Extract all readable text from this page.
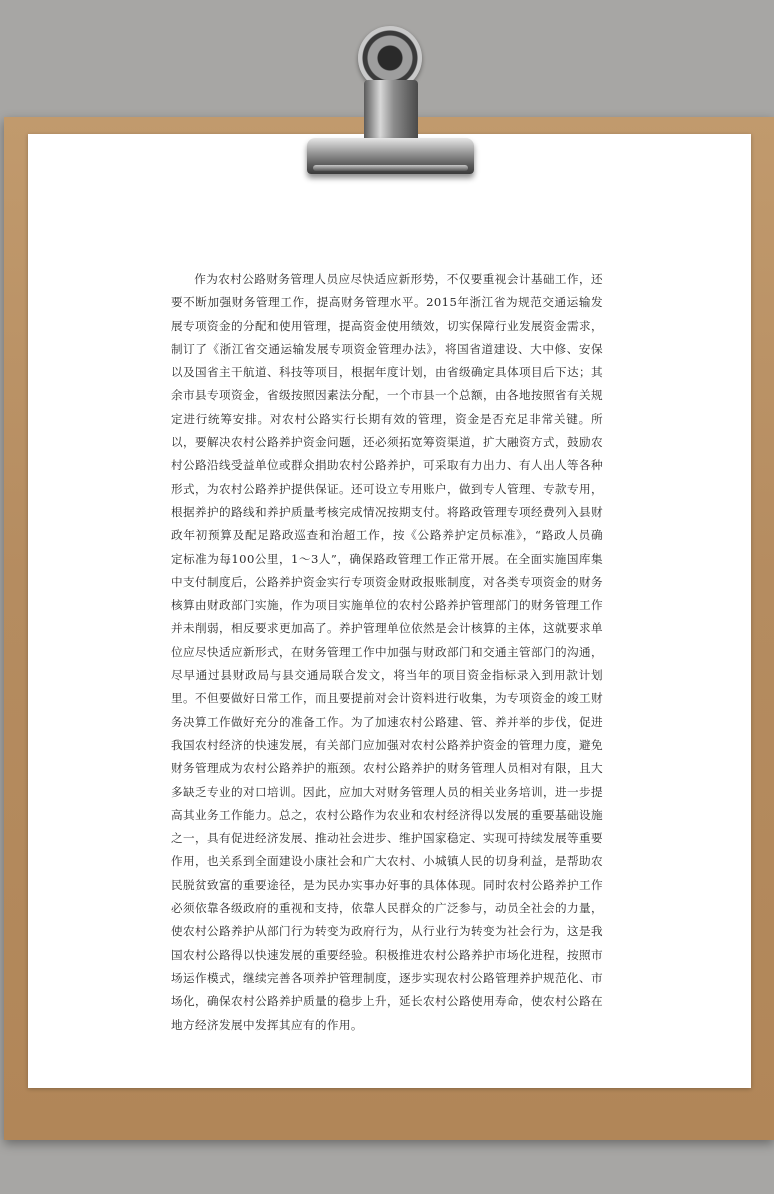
作为农村公路财务管理人员应尽快适应新形势，不仅要重视会计基础工作，还要不断加强财务管理工作，提高财务管理水平。2015年浙江省为规范交通运输发展专项资金的分配和使用管理，提高资金使用绩效，切实保障行业发展资金需求，制订了《浙江省交通运输发展专项资金管理办法》，将国省道建设、大中修、安保以及国省主干航道、科技等项目，根据年度计划，由省级确定具体项目后下达；其余市县专项资金，省级按照因素法分配，一个市县一个总额，由各地按照省有关规定进行统筹安排。对农村公路实行长期有效的管理，资金是否充足非常关键。所以，要解决农村公路养护资金问题，还必须拓宽筹资渠道，扩大融资方式，鼓励农村公路沿线受益单位或群众捐助农村公路养护，可采取有力出力、有人出人等各种形式，为农村公路养护提供保证。还可设立专用账户，做到专人管理、专款专用，根据养护的路线和养护质量考核完成情况按期支付。将路政管理专项经费列入县财政年初预算及配足路政巡查和治超工作，按《公路养护定员标准》，“路政人员确定标准为每100公里，1～3人”，确保路政管理工作正常开展。在全面实施国库集中支付制度后，公路养护资金实行专项资金财政报账制度，对各类专项资金的财务核算由财政部门实施，作为项目实施单位的农村公路养护管理部门的财务管理工作并未削弱，相反要求更加高了。养护管理单位依然是会计核算的主体，这就要求单位应尽快适应新形式，在财务管理工作中加强与财政部门和交通主管部门的沟通，尽早通过县财政局与县交通局联合发文，将当年的项目资金指标录入到用款计划里。不但要做好日常工作，而且要提前对会计资料进行收集，为专项资金的竣工财务决算工作做好充分的准备工作。为了加速农村公路建、管、养并举的步伐，促进我国农村经济的快速发展，有关部门应加强对农村公路养护资金的管理力度，避免财务管理成为农村公路养护的瓶颈。农村公路养护的财务管理人员相对有限，且大多缺乏专业的对口培训。因此，应加大对财务管理人员的相关业务培训，进一步提高其业务工作能力。总之，农村公路作为农业和农村经济得以发展的重要基础设施之一，具有促进经济发展、推动社会进步、维护国家稳定、实现可持续发展等重要作用，也关系到全面建设小康社会和广大农村、小城镇人民的切身利益，是帮助农民脱贫致富的重要途径，是为民办实事办好事的具体体现。同时农村公路养护工作必须依靠各级政府的重视和支持，依靠人民群众的广泛参与，动员全社会的力量，使农村公路养护从部门行为转变为政府行为，从行业行为转变为社会行为，这是我国农村公路得以快速发展的重要经验。积极推进农村公路养护市场化进程，按照市场运作模式，继续完善各项养护管理制度，逐步实现农村公路管理养护规范化、市场化，确保农村公路养护质量的稳步上升，延长农村公路使用寿命，使农村公路在地方经济发展中发挥其应有的作用。
